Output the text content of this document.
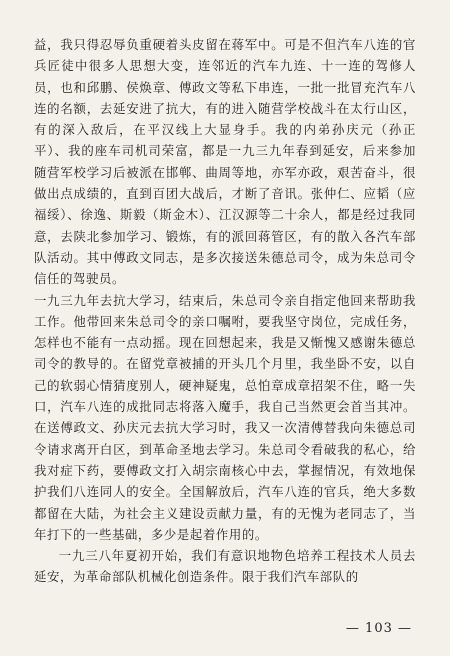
益，我只得忍辱负重硬着头皮留在蒋军中。可是不但汽车八连的官兵匠徒中很多人思想大变，连邻近的汽车九连、十一连的驾修人员，也和邱鹏、侯焕章、傅政文等私下串连，一批一批冒充汽车八连的名额，去延安进了抗大，有的进入随营学校战斗在太行山区，有的深入敌后，在平汉线上大显身手。我的内弟孙庆元（孙正平）、我的座车司机司荣富，都是一九三九年春到延安，后来参加随营军校学习后被派在邯郸、曲周等地，亦军亦政，艰苦奋斗，很做出点成绩的，直到百团大战后，才断了音讯。张仲仁、应韬（应福绥）、徐逸、斯毅（斯金木）、江汉源等二十余人，都是经过我同意，去陕北参加学习、锻炼，有的派回蒋管区，有的散入各汽车部队活动。其中傅政文同志，是多次接送朱德总司令，成为朱总司令信任的驾驶员。

一九三九年去抗大学习，结束后，朱总司令亲自指定他回来帮助我工作。他带回来朱总司令的亲口嘱咐，要我坚守岗位，完成任务，怎样也不能有一点动摇。现在回想起来，我是又惭愧又感谢朱德总司令的教导的。在留党章被捕的开头几个月里，我坐卧不安，以自己的软弱心情猜度别人，硬神疑鬼，总怕章成章招架不住，略一失口，汽车八连的成批同志将落入魔手，我自己当然更会首当其冲。在送傅政文、孙庆元去抗大学习时，我又一次清傅替我向朱德总司令请求离开白区，到革命圣地去学习。朱总司令看破我的私心，给我对症下药，要傅政文打入胡宗南核心中去，掌握情况，有效地保护我们八连同人的安全。全国解放后，汽车八连的官兵，绝大多数都留在大陆，为社会主义建设贡献力量，有的无愧为老同志了，当年打下的一些基础，多少是起着作用的。

一九三八年夏初开始，我们有意识地物色培养工程技术人员去延安，为革命部队机械化创造条件。限于我们汽车部队的

— 103 —
